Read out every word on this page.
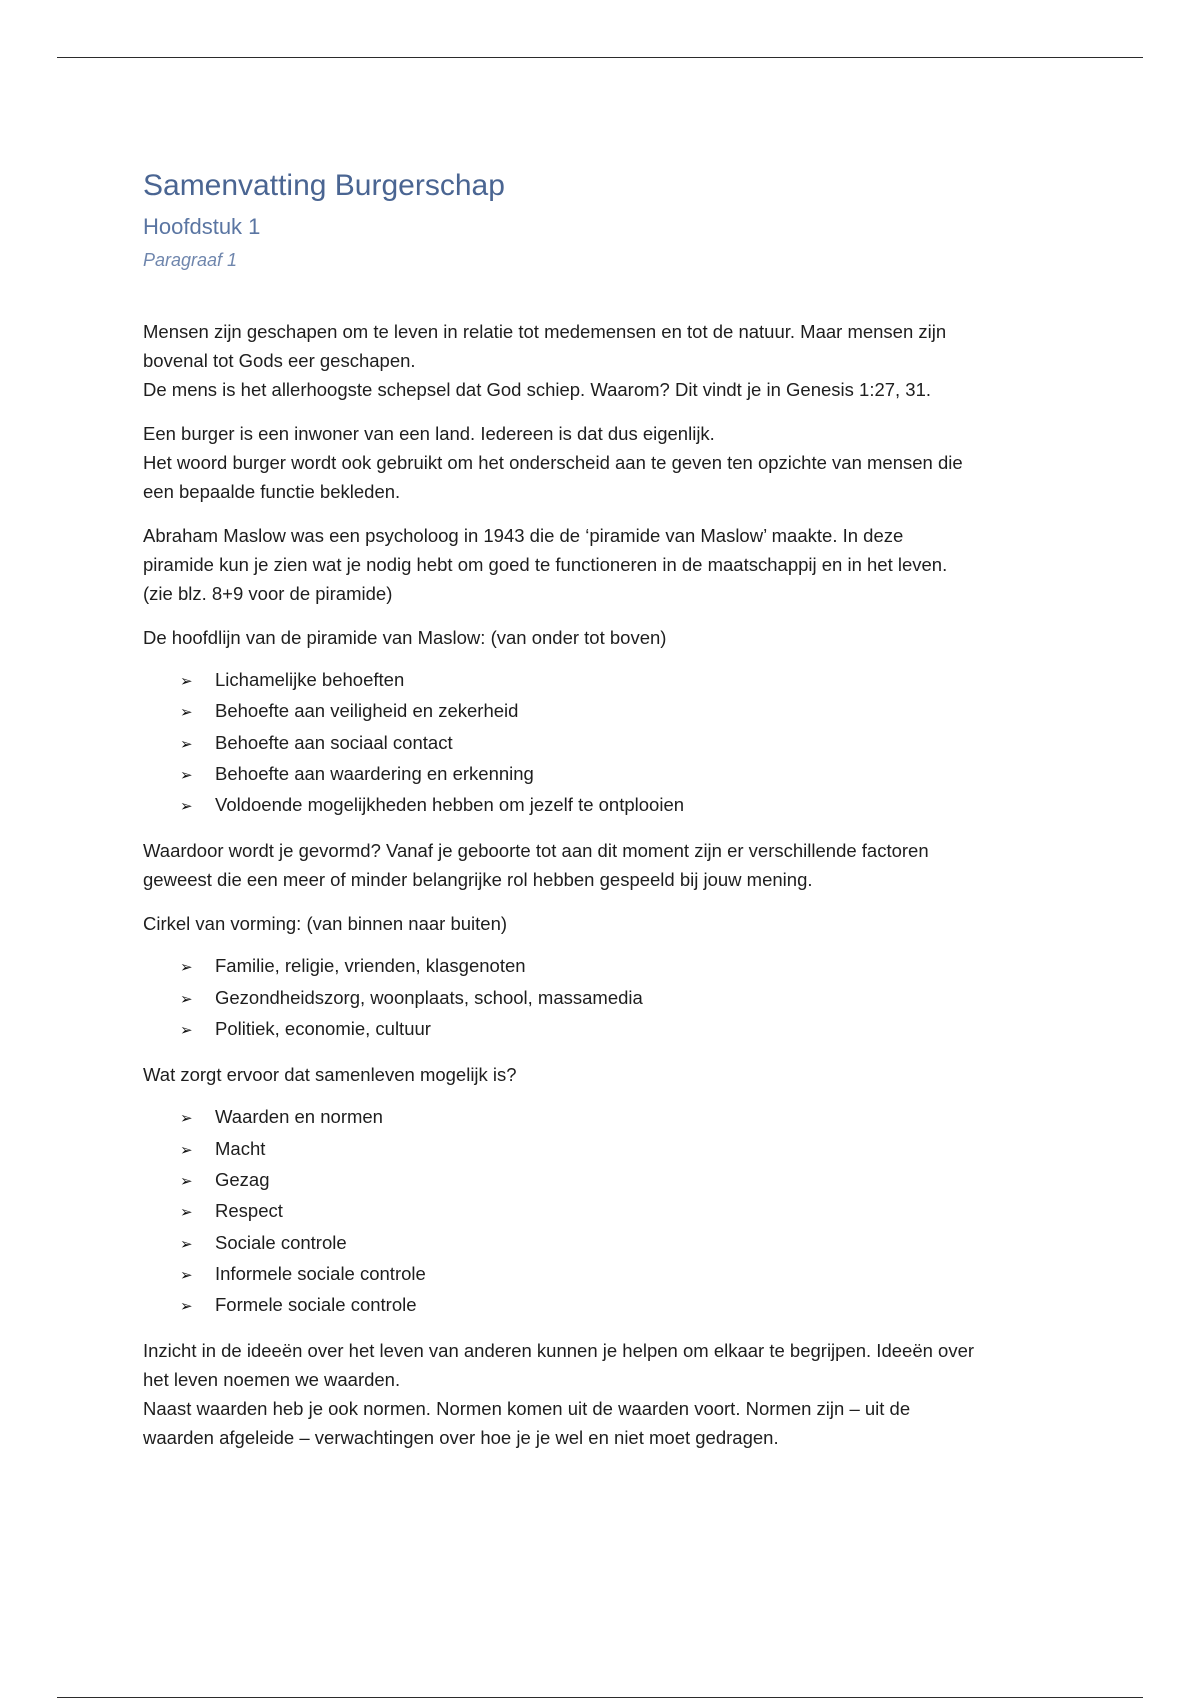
Samenvatting Burgerschap
Hoofdstuk 1
Paragraaf 1

Mensen zijn geschapen om te leven in relatie tot medemensen en tot de natuur. Maar mensen zijn
bovenal tot Gods eer geschapen.
De mens is het allerhoogste schepsel dat God schiep. Waarom? Dit vindt je in Genesis 1:27, 31.

Een burger is een inwoner van een land. Iedereen is dat dus eigenlijk.
Het woord burger wordt ook gebruikt om het onderscheid aan te geven ten opzichte van mensen die
een bepaalde functie bekleden.

Abraham Maslow was een psycholoog in 1943 die de ‘piramide van Maslow’ maakte. In deze
piramide kun je zien wat je nodig hebt om goed te functioneren in de maatschappij en in het leven.
(zie blz. 8+9 voor de piramide)

De hoofdlijn van de piramide van Maslow: (van onder tot boven)

➢	Lichamelijke behoeften
➢	Behoefte aan veiligheid en zekerheid
➢	Behoefte aan sociaal contact
➢	Behoefte aan waardering en erkenning
➢	Voldoende mogelijkheden hebben om jezelf te ontplooien

Waardoor wordt je gevormd? Vanaf je geboorte tot aan dit moment zijn er verschillende factoren
geweest die een meer of minder belangrijke rol hebben gespeeld bij jouw mening.

Cirkel van vorming: (van binnen naar buiten)

➢	Familie, religie, vrienden, klasgenoten
➢	Gezondheidszorg, woonplaats, school, massamedia
➢	Politiek, economie, cultuur

Wat zorgt ervoor dat samenleven mogelijk is?

➢	Waarden en normen
➢	Macht
➢	Gezag
➢	Respect
➢	Sociale controle
➢	Informele sociale controle
➢	Formele sociale controle

Inzicht in de ideeën over het leven van anderen kunnen je helpen om elkaar te begrijpen. Ideeën over
het leven noemen we waarden.
Naast waarden heb je ook normen. Normen komen uit de waarden voort. Normen zijn – uit de
waarden afgeleide – verwachtingen over hoe je je wel en niet moet gedragen.
